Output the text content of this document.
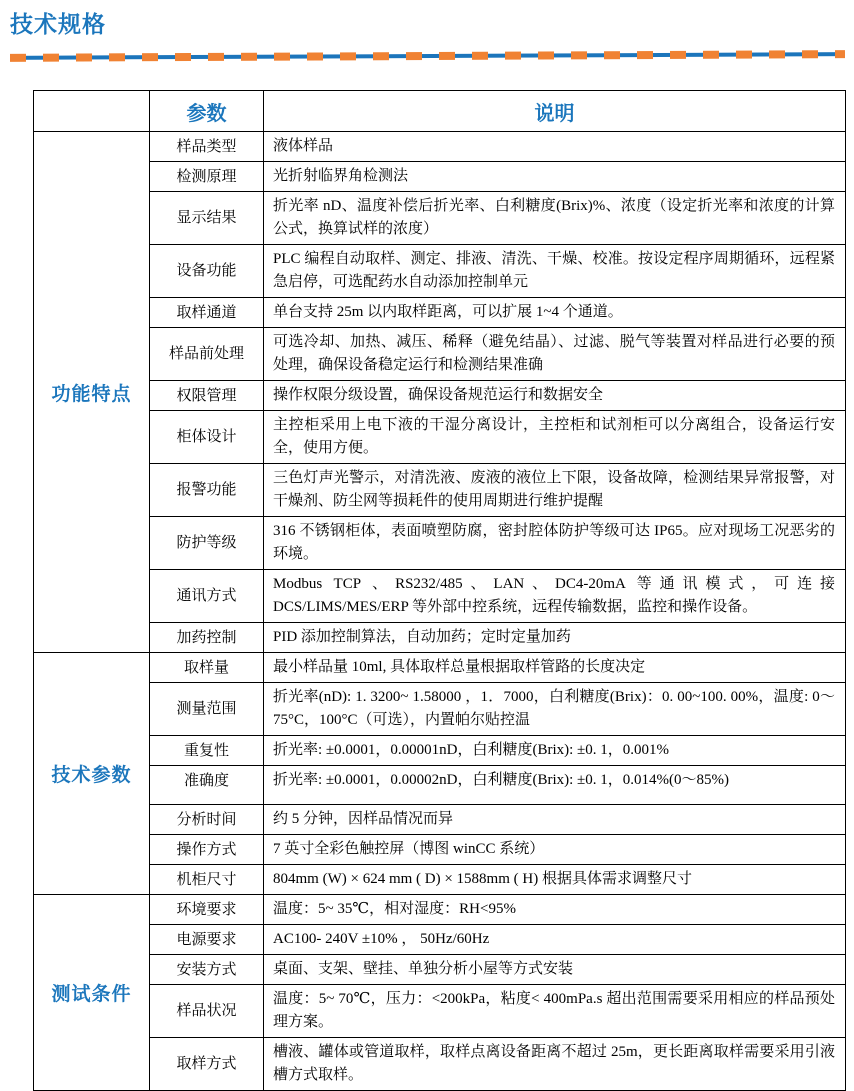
技术规格
	参数	说明
功能特点	样品类型	液体样品
	检测原理	光折射临界角检测法
	显示结果	折光率 nD、温度补偿后折光率、白利糖度(Brix)%、浓度（设定折光率和浓度的计算公式，换算试样的浓度）
	设备功能	PLC 编程自动取样、测定、排液、清洗、干燥、校准。按设定程序周期循环，远程紧急启停，可选配药水自动添加控制单元
	取样通道	单台支持 25m 以内取样距离，可以扩展 1~4 个通道。
	样品前处理	可选冷却、加热、减压、稀释（避免结晶）、过滤、脱气等装置对样品进行必要的预处理，确保设备稳定运行和检测结果准确
	权限管理	操作权限分级设置，确保设备规范运行和数据安全
	柜体设计	主控柜采用上电下液的干湿分离设计，主控柜和试剂柜可以分离组合，设备运行安全，使用方便。
	报警功能	三色灯声光警示，对清洗液、废液的液位上下限，设备故障，检测结果异常报警，对干燥剂、防尘网等损耗件的使用周期进行维护提醒
	防护等级	316 不锈钢柜体，表面喷塑防腐，密封腔体防护等级可达 IP65。应对现场工况恶劣的环境。
	通讯方式	Modbus TCP 、RS232/485、LAN、DC4-20mA 等通讯模式，可连接 DCS/LIMS/MES/ERP 等外部中控系统，远程传输数据，监控和操作设备。
	加药控制	PID 添加控制算法，自动加药；定时定量加药
技术参数	取样量	最小样品量 10ml, 具体取样总量根据取样管路的长度决定
	测量范围	折光率(nD): 1. 3200~ 1.58000 ，1．7000，白利糖度(Brix)：0. 00~100. 00%，温度: 0～75°C，100°C（可选），内置帕尔贴控温
	重复性	折光率: ±0.0001，0.00001nD，白利糖度(Brix): ±0. 1，0.001%
	准确度	折光率: ±0.0001，0.00002nD，白利糖度(Brix): ±0. 1，0.014%(0～85%)
	分析时间	约 5 分钟，因样品情况而异
	操作方式	7 英寸全彩色触控屏（博图 winCC 系统）
	机柜尺寸	804mm (W) × 624 mm ( D) × 1588mm ( H) 根据具体需求调整尺寸
测试条件	环境要求	温度：5~ 35℃，相对湿度：RH<95%
	电源要求	AC100- 240V ±10% ， 50Hz/60Hz
	安装方式	桌面、支架、壁挂、单独分析小屋等方式安装
	样品状况	温度：5~ 70℃，压力：<200kPa，粘度< 400mPa.s 超出范围需要采用相应的样品预处理方案。
	取样方式	槽液、罐体或管道取样，取样点离设备距离不超过 25m，更长距离取样需要采用引液槽方式取样。
